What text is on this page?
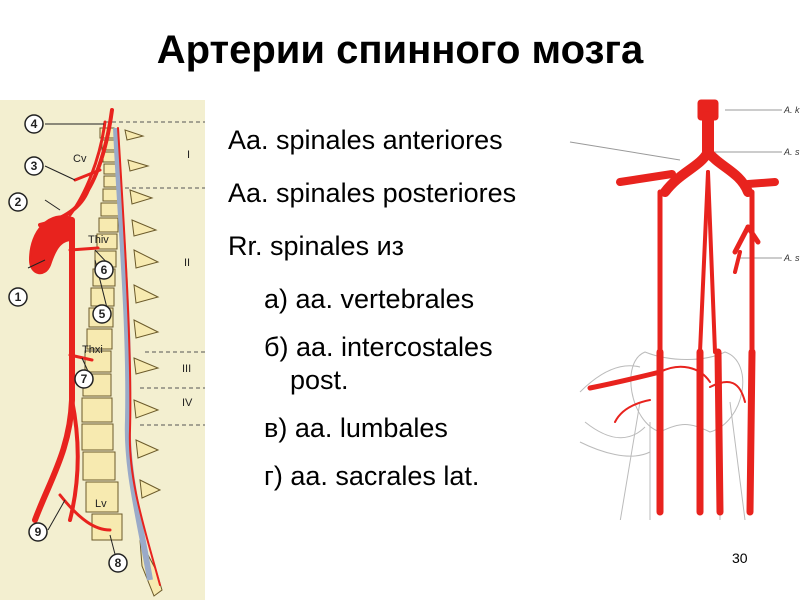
Артерии спинного мозга
4
3
2
1
6
5
7
9
8
Cv
Thiv
Thxi
Lv
I
II
III
IV
Aa. spinales anteriores
Aa. spinales posteriores
Rr. spinales из
а) aa. vertebrales
б) aa. intercostales
post.
в) aa. lumbales
г) aa. sacrales lat.
A. k
A. s
A. s
30
